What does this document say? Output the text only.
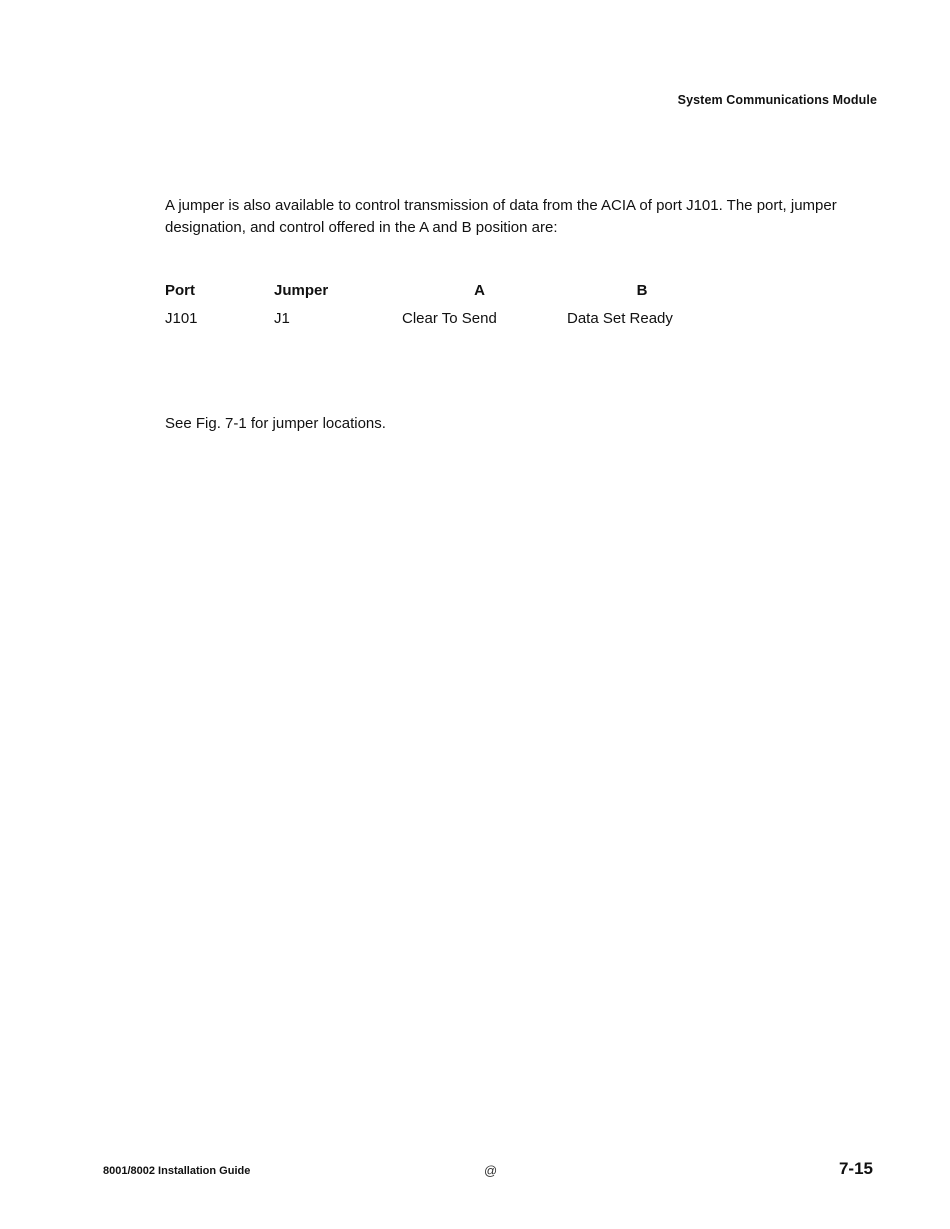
System Communications Module

A jumper is also available to control transmission of data from the ACIA of port J101. The port, jumper designation, and control offered in the A and B position are:

Port	Jumper	A	B
J101	J1	Clear To Send	Data Set Ready
See Fig. 7-1 for jumper locations.
8001/8002 Installation Guide	@	7-15
